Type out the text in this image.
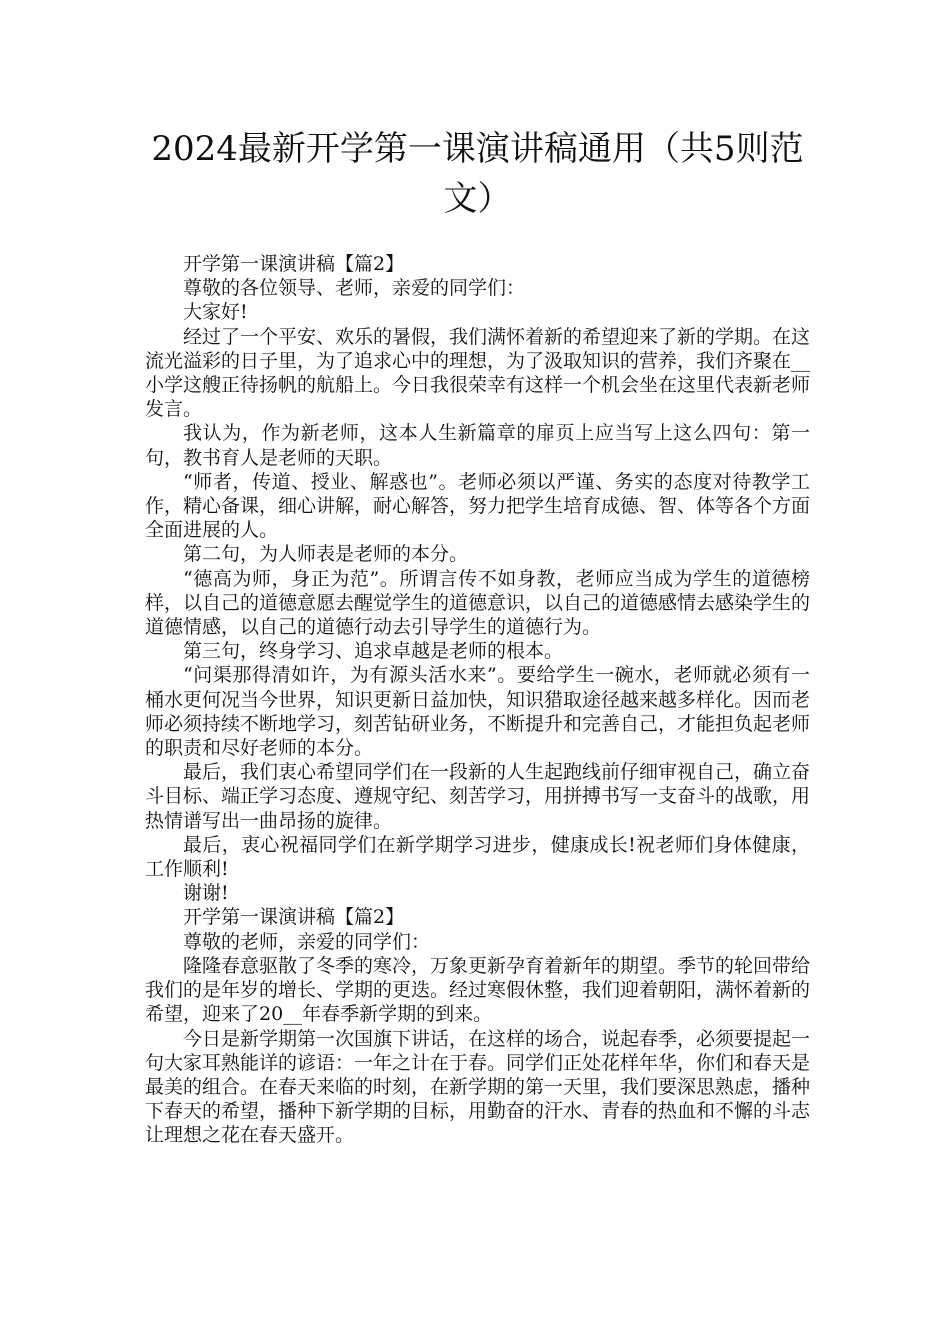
2024最新开学第一课演讲稿通用（共5则范文）

开学第一课演讲稿【篇2】

尊敬的各位领导、老师，亲爱的同学们：

大家好!

经过了一个平安、欢乐的暑假，我们满怀着新的希望迎来了新的学期。在这流光溢彩的日子里，为了追求心中的理想，为了汲取知识的营养，我们齐聚在__小学这艘正待扬帆的航船上。今日我很荣幸有这样一个机会坐在这里代表新老师发言。

我认为，作为新老师，这本人生新篇章的扉页上应当写上这么四句：第一句，教书育人是老师的天职。

“师者，传道、授业、解惑也”。老师必须以严谨、务实的态度对待教学工作，精心备课，细心讲解，耐心解答，努力把学生培育成德、智、体等各个方面全面进展的人。

第二句，为人师表是老师的本分。

“德高为师，身正为范”。所谓言传不如身教，老师应当成为学生的道德榜样，以自己的道德意愿去醒觉学生的道德意识，以自己的道德感情去感染学生的道德情感，以自己的道德行动去引导学生的道德行为。

第三句，终身学习、追求卓越是老师的根本。

“问渠那得清如许，为有源头活水来”。要给学生一碗水，老师就必须有一桶水更何况当今世界，知识更新日益加快，知识猎取途径越来越多样化。因而老师必须持续不断地学习，刻苦钻研业务，不断提升和完善自己，才能担负起老师的职责和尽好老师的本分。

最后，我们衷心希望同学们在一段新的人生起跑线前仔细审视自己，确立奋斗目标、端正学习态度、遵规守纪、刻苦学习，用拼搏书写一支奋斗的战歌，用热情谱写出一曲昂扬的旋律。

最后，衷心祝福同学们在新学期学习进步，健康成长!祝老师们身体健康，工作顺利!

谢谢!

开学第一课演讲稿【篇2】

尊敬的老师，亲爱的同学们：

隆隆春意驱散了冬季的寒冷，万象更新孕育着新年的期望。季节的轮回带给我们的是年岁的增长、学期的更迭。经过寒假休整，我们迎着朝阳，满怀着新的希望，迎来了20__年春季新学期的到来。

今日是新学期第一次国旗下讲话，在这样的场合，说起春季，必须要提起一句大家耳熟能详的谚语：一年之计在于春。同学们正处花样年华，你们和春天是最美的组合。在春天来临的时刻，在新学期的第一天里，我们要深思熟虑，播种下春天的希望，播种下新学期的目标，用勤奋的汗水、青春的热血和不懈的斗志让理想之花在春天盛开。
